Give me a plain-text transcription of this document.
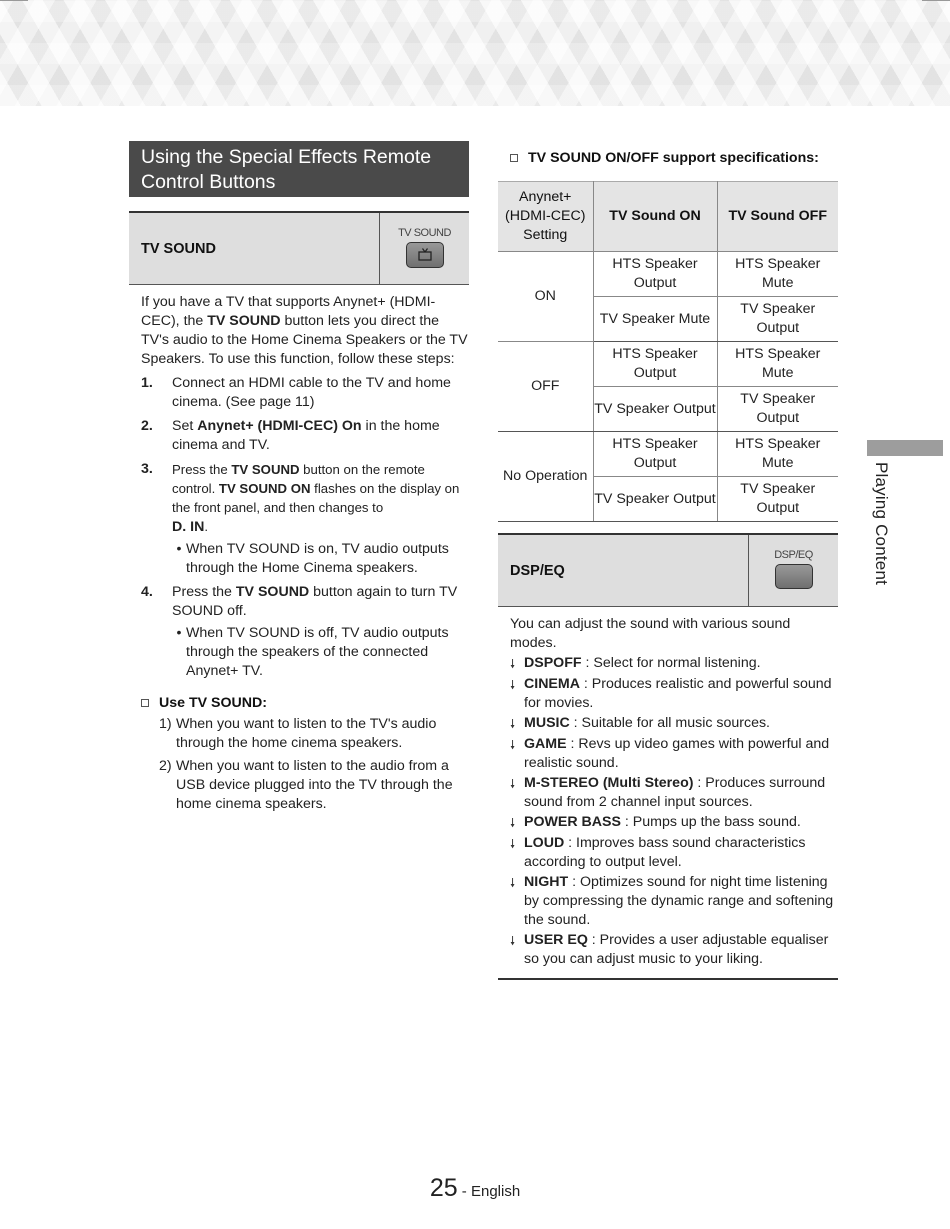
Using the Special Effects Remote Control Buttons
TV SOUND
TV SOUND
If you have a TV that supports Anynet+ (HDMI-CEC), the TV SOUND button lets you direct the TV's audio to the Home Cinema Speakers or the TV Speakers. To use this function, follow these steps:
1.	Connect an HDMI cable to the TV and home cinema. (See page 11)
2.	Set Anynet+ (HDMI-CEC) On in the home cinema and TV.
3.	Press the TV SOUND button on the remote control. TV SOUND ON flashes on the display on the front panel, and then changes to
D. IN.
• When TV SOUND is on, TV audio outputs through the Home Cinema speakers.
4.	Press the TV SOUND button again to turn TV SOUND off.
• When TV SOUND is off, TV audio outputs through the speakers of the connected Anynet+ TV.
Use TV SOUND:
1) When you want to listen to the TV's audio through the home cinema speakers.
2) When you want to listen to the audio from a USB device plugged into the TV through the home cinema speakers.
TV SOUND ON/OFF support specifications:
Anynet+ (HDMI-CEC) Setting	TV Sound ON	TV Sound OFF
ON	HTS Speaker Output	HTS Speaker Mute
	TV Speaker Mute	TV Speaker Output
OFF	HTS Speaker Output	HTS Speaker Mute
	TV Speaker Output	TV Speaker Output
No Operation	HTS Speaker Output	HTS Speaker Mute
	TV Speaker Output	TV Speaker Output
DSP/EQ
DSP/EQ
You can adjust the sound with various sound modes.
🠗 DSPOFF : Select for normal listening.
🠗 CINEMA : Produces realistic and powerful sound for movies.
🠗 MUSIC : Suitable for all music sources.
🠗 GAME : Revs up video games with powerful and realistic sound.
🠗 M-STEREO (Multi Stereo) : Produces surround sound from 2 channel input sources.
🠗 POWER BASS : Pumps up the bass sound.
🠗 LOUD : Improves bass sound characteristics according to output level.
🠗 NIGHT : Optimizes sound for night time listening by compressing the dynamic range and softening the sound.
🠗 USER EQ : Provides a user adjustable equaliser so you can adjust music to your liking.
Playing Content
25 - English
